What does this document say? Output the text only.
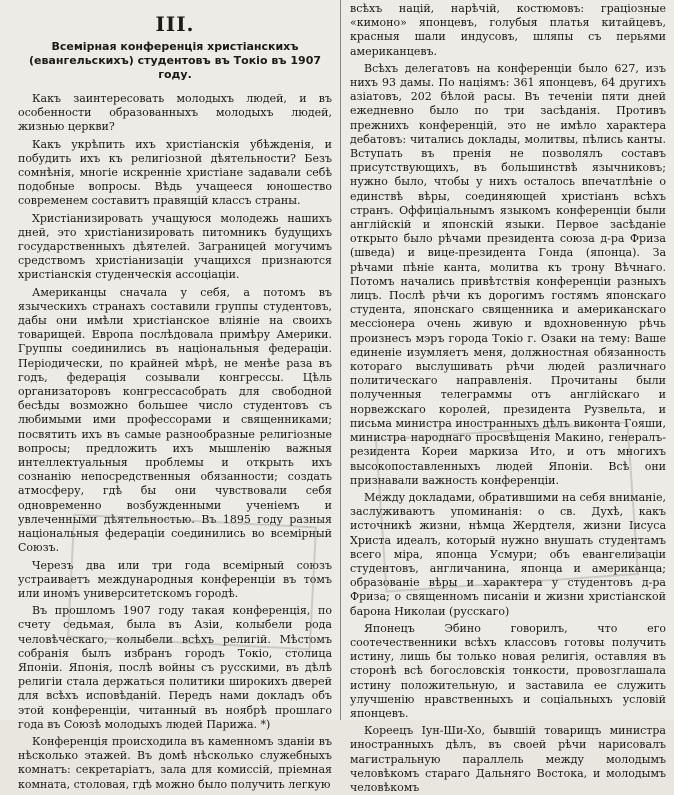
III.
Всемірная конференція христіанскихъ (евангельскихъ) студентовъ въ Токіо въ 1907 году.

Какъ заинтересовать молодыхъ людей, и въ особенности образованныхъ молодыхъ людей, жизнью церкви?

Какъ укрѣпить ихъ христіанскія убѣжденія, и побудить ихъ къ религіозной дѣятельности? Безъ сомнѣнія, многіе искренніе христіане задавали себѣ подобные вопросы. Вѣдь учащееся юношество современем составитъ правящій классъ страны.

Христіанизировать учащуюся молодежь нашихъ дней, это христіанизировать питомникъ будущихъ государственныхъ дѣятелей. Заграницей могучимъ средствомъ христіанизаціи учащихся признаются христіанскія студенческія ассоціаціи.

Американцы сначала у себя, а потомъ въ языческихъ странахъ составили группы студентовъ, дабы они имѣли христіанское вліяніе на своихъ товарищей. Европа послѣдовала примѣру Америки. Группы соединились въ національныя федераціи. Періодически, по крайней мѣрѣ, не менѣе раза въ годъ, федерація созывали конгрессы. Цѣль организаторовъ конгрессасобрать для свободной бесѣды возможно большее число студентовъ съ любимыми ими профессорами и священниками; посвятить ихъ въ самые разнообразные религіозные вопросы; предложить ихъ мышленію важныя интеллектуальныя проблемы и открыть ихъ сознанію непосредственныя обязанности; создать атмосферу, гдѣ бы они чувствовали себя одновременно возбужденными ученіемъ и увлеченными дѣятельностью. Въ 1895 году разныя національныя федераціи соединились во всемірный Союзъ.

Черезъ два или три года всемірный союзъ устраиваетъ международныя конференціи въ томъ или иномъ университетскомъ городѣ.

Въ прошломъ 1907 году такая конференція, по счету седьмая, была въ Азіи, колыбели рода человѣческаго, колыбели всѣхъ религій. Мѣстомъ собранія былъ избранъ городъ Токіо, столица Японіи. Японія, послѣ войны съ русскими, въ дѣлѣ религіи стала держаться политики широкихъ дверей для всѣхъ исповѣданій. Передъ нами докладъ объ этой конференціи, читанный въ ноябрѣ прошлаго года въ Союзѣ молодыхъ людей Парижа. *)

Конференція происходила въ каменномъ зданіи въ нѣсколько этажей. Въ домѣ нѣсколько служебныхъ комнатъ: секретаріатъ, зала для комиссій, пріемная комната, столовая, гдѣ можно было получить легкую

всѣхъ націй, нарѣчій, костюмовъ: граціозные «кимоно» японцевъ, голубыя платья китайцевъ, красныя шали индусовъ, шляпы съ перьями американцевъ.

Всѣхъ делегатовъ на конференціи было 627, изъ нихъ 93 дамы. По націямъ: 361 японцевъ, 64 другихъ азіатовъ, 202 бѣлой расы. Въ теченіи пяти дней ежедневно было по три засѣданія. Противъ прежнихъ конференцій, это не имѣло характера дебатовъ: читались доклады, молитвы, пѣлись канты. Вступать въ пренія не позволялъ составъ присутствующихъ, въ большинствѣ язычниковъ; нужно было, чтобы у нихъ осталось впечатлѣніе о единствѣ вѣры, соединяющей христіанъ всѣхъ странъ. Оффиціальнымъ языкомъ конференціи были англійскій и японскій языки. Первое засѣданіе открыто было рѣчами президента союза д-ра Фриза (шведа) и вице-президента Гонда (японца). За рѣчами пѣніе канта, молитва къ трону Вѣчнаго. Потомъ начались привѣтствія конференціи разныхъ лицъ. Послѣ рѣчи къ дорогимъ гостямъ японскаго студента, японскаго священника и американскаго мессіонера очень живую и вдохновенную рѣчь произнесъ мэръ города Токіо г. Озаки на тему: Ваше единеніе изумляетъ меня, должностная обязанность котораго выслушивать рѣчи людей различнаго политическаго направленія. Прочитаны были полученныя телеграммы отъ англійскаго и норвежскаго королей, президента Рузвельта, и письма министра иностранныхъ дѣлъ виконта Гояши, министра народнаго просвѣщенія Макино, генералъ-резидента Кореи маркиза Ито, и отъ многихъ высокопоставленныхъ людей Японіи. Всѣ они признавали важность конференціи.

Между докладами, обратившими на себя вниманіе, заслуживаютъ упоминанія: о св. Духѣ, какъ источникѣ жизни, нѣмца Жердтеля, жизни Іисуса Христа идеалъ, который нужно внушать студентамъ всего міра, японца Усмури; объ евангелизаціи студентовъ, англичанина, японца и американца; образованіе вѣры и характера у студентовъ д-ра Фриза; о священномъ писаніи и жизни христіанской барона Николаи (русскаго)

Японецъ Эбино говорилъ, что его соотечественники всѣхъ классовъ готовы получить истину, лишь бы только новая религія, оставляя въ сторонѣ всѣ богословскія тонкости, провозглашала истину положительную, и заставила ее служить улучшенію нравственныхъ и соціальныхъ условій японцевъ.

Кореецъ Іун-Ши-Хо, бывшій товарищъ министра иностранныхъ дѣлъ, въ своей рѣчи нарисовалъ магистральную параллель между молодымъ человѣкомъ стараго Дальняго Востока, и молодымъ человѣкомъ
